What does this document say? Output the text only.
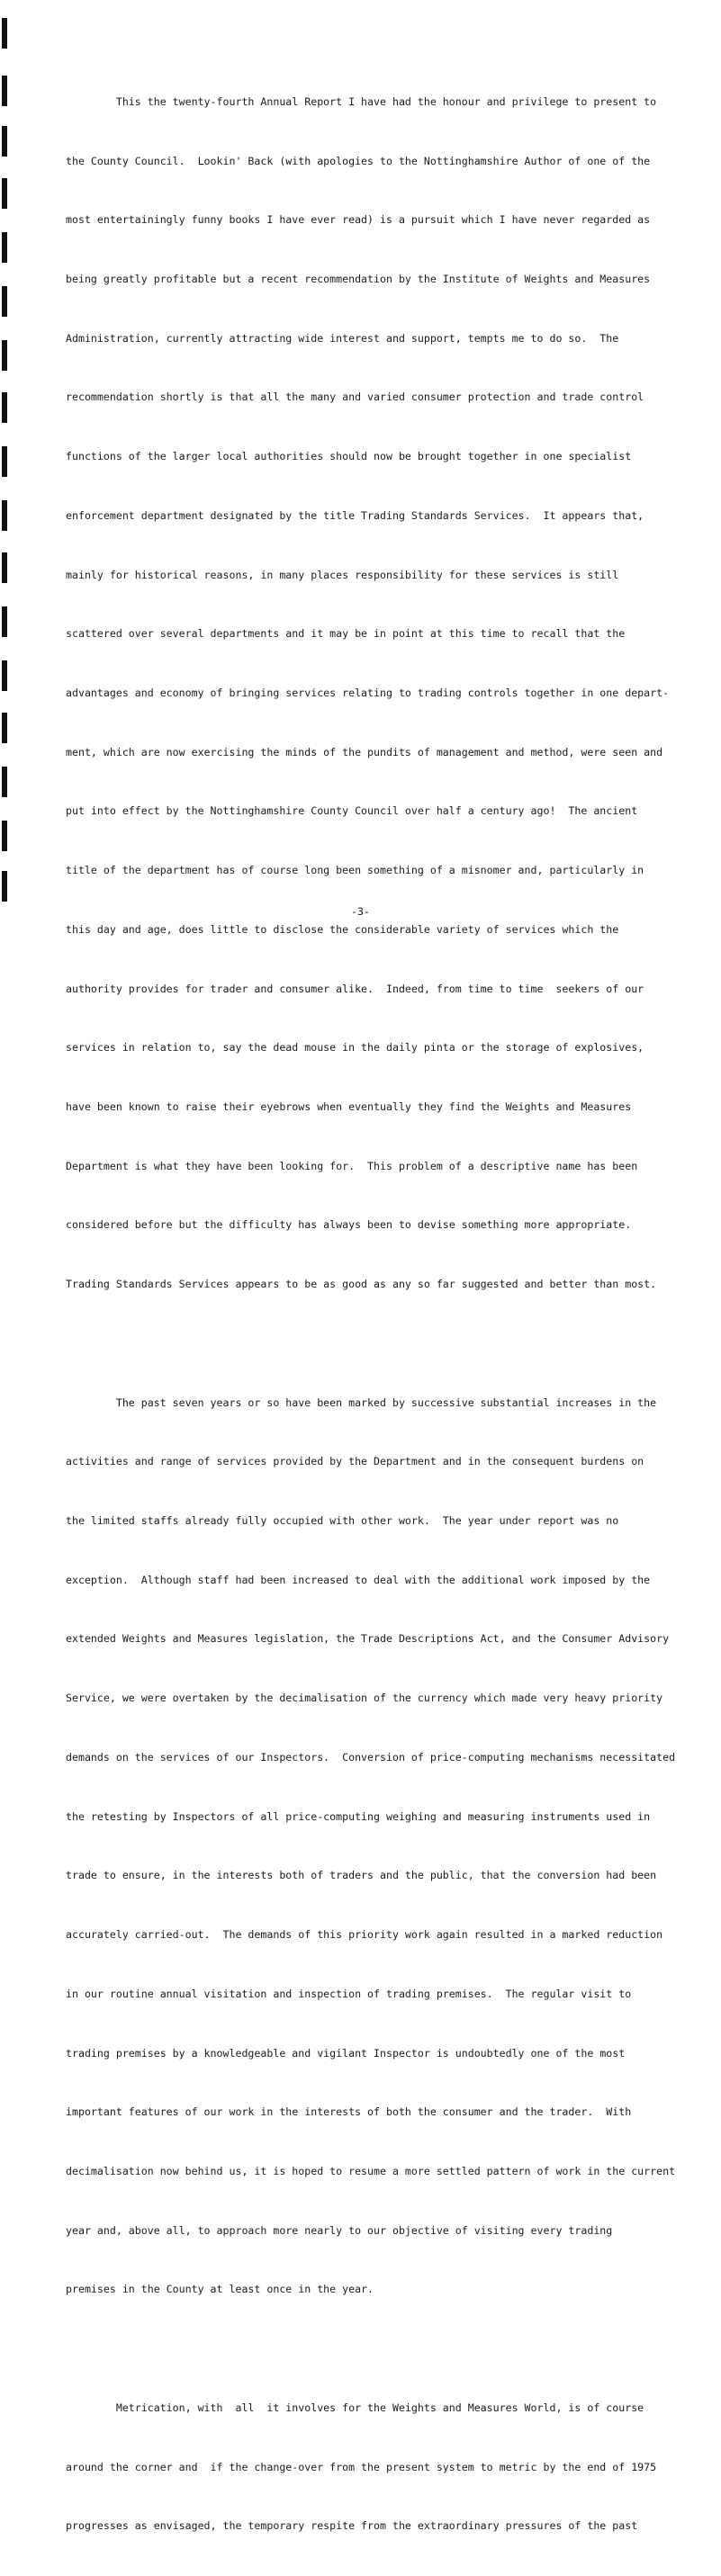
This the twenty-fourth Annual Report I have had the honour and privilege to present to

the County Council.  Lookin' Back (with apologies to the Nottinghamshire Author of one of the

most entertainingly funny books I have ever read) is a pursuit which I have never regarded as

being greatly profitable but a recent recommendation by the Institute of Weights and Measures

Administration, currently attracting wide interest and support, tempts me to do so.  The

recommendation shortly is that all the many and varied consumer protection and trade control

functions of the larger local authorities should now be brought together in one specialist

enforcement department designated by the title Trading Standards Services.  It appears that,

mainly for historical reasons, in many places responsibility for these services is still

scattered over several departments and it may be in point at this time to recall that the

advantages and economy of bringing services relating to trading controls together in one depart-

ment, which are now exercising the minds of the pundits of management and method, were seen and

put into effect by the Nottinghamshire County Council over half a century ago!  The ancient

title of the department has of course long been something of a misnomer and, particularly in

this day and age, does little to disclose the considerable variety of services which the

authority provides for trader and consumer alike.  Indeed, from time to time  seekers of our

services in relation to, say the dead mouse in the daily pinta or the storage of explosives,

have been known to raise their eyebrows when eventually they find the Weights and Measures

Department is what they have been looking for.  This problem of a descriptive name has been

considered before but the difficulty has always been to devise something more appropriate.

Trading Standards Services appears to be as good as any so far suggested and better than most.

The past seven years or so have been marked by successive substantial increases in the

activities and range of services provided by the Department and in the consequent burdens on

the limited staffs already fully occupied with other work.  The year under report was no

exception.  Although staff had been increased to deal with the additional work imposed by the

extended Weights and Measures legislation, the Trade Descriptions Act, and the Consumer Advisory

Service, we were overtaken by the decimalisation of the currency which made very heavy priority

demands on the services of our Inspectors.  Conversion of price-computing mechanisms necessitated

the retesting by Inspectors of all price-computing weighing and measuring instruments used in

trade to ensure, in the interests both of traders and the public, that the conversion had been

accurately carried-out.  The demands of this priority work again resulted in a marked reduction

in our routine annual visitation and inspection of trading premises.  The regular visit to

trading premises by a knowledgeable and vigilant Inspector is undoubtedly one of the most

important features of our work in the interests of both the consumer and the trader.  With

decimalisation now behind us, it is hoped to resume a more settled pattern of work in the current

year and, above all, to approach more nearly to our objective of visiting every trading

premises in the County at least once in the year.

Metrication, with  all  it involves for the Weights and Measures World, is of course

around the corner and  if the change-over from the present system to metric by the end of 1975

progresses as envisaged, the temporary respite from the extraordinary pressures of the past

-3-
